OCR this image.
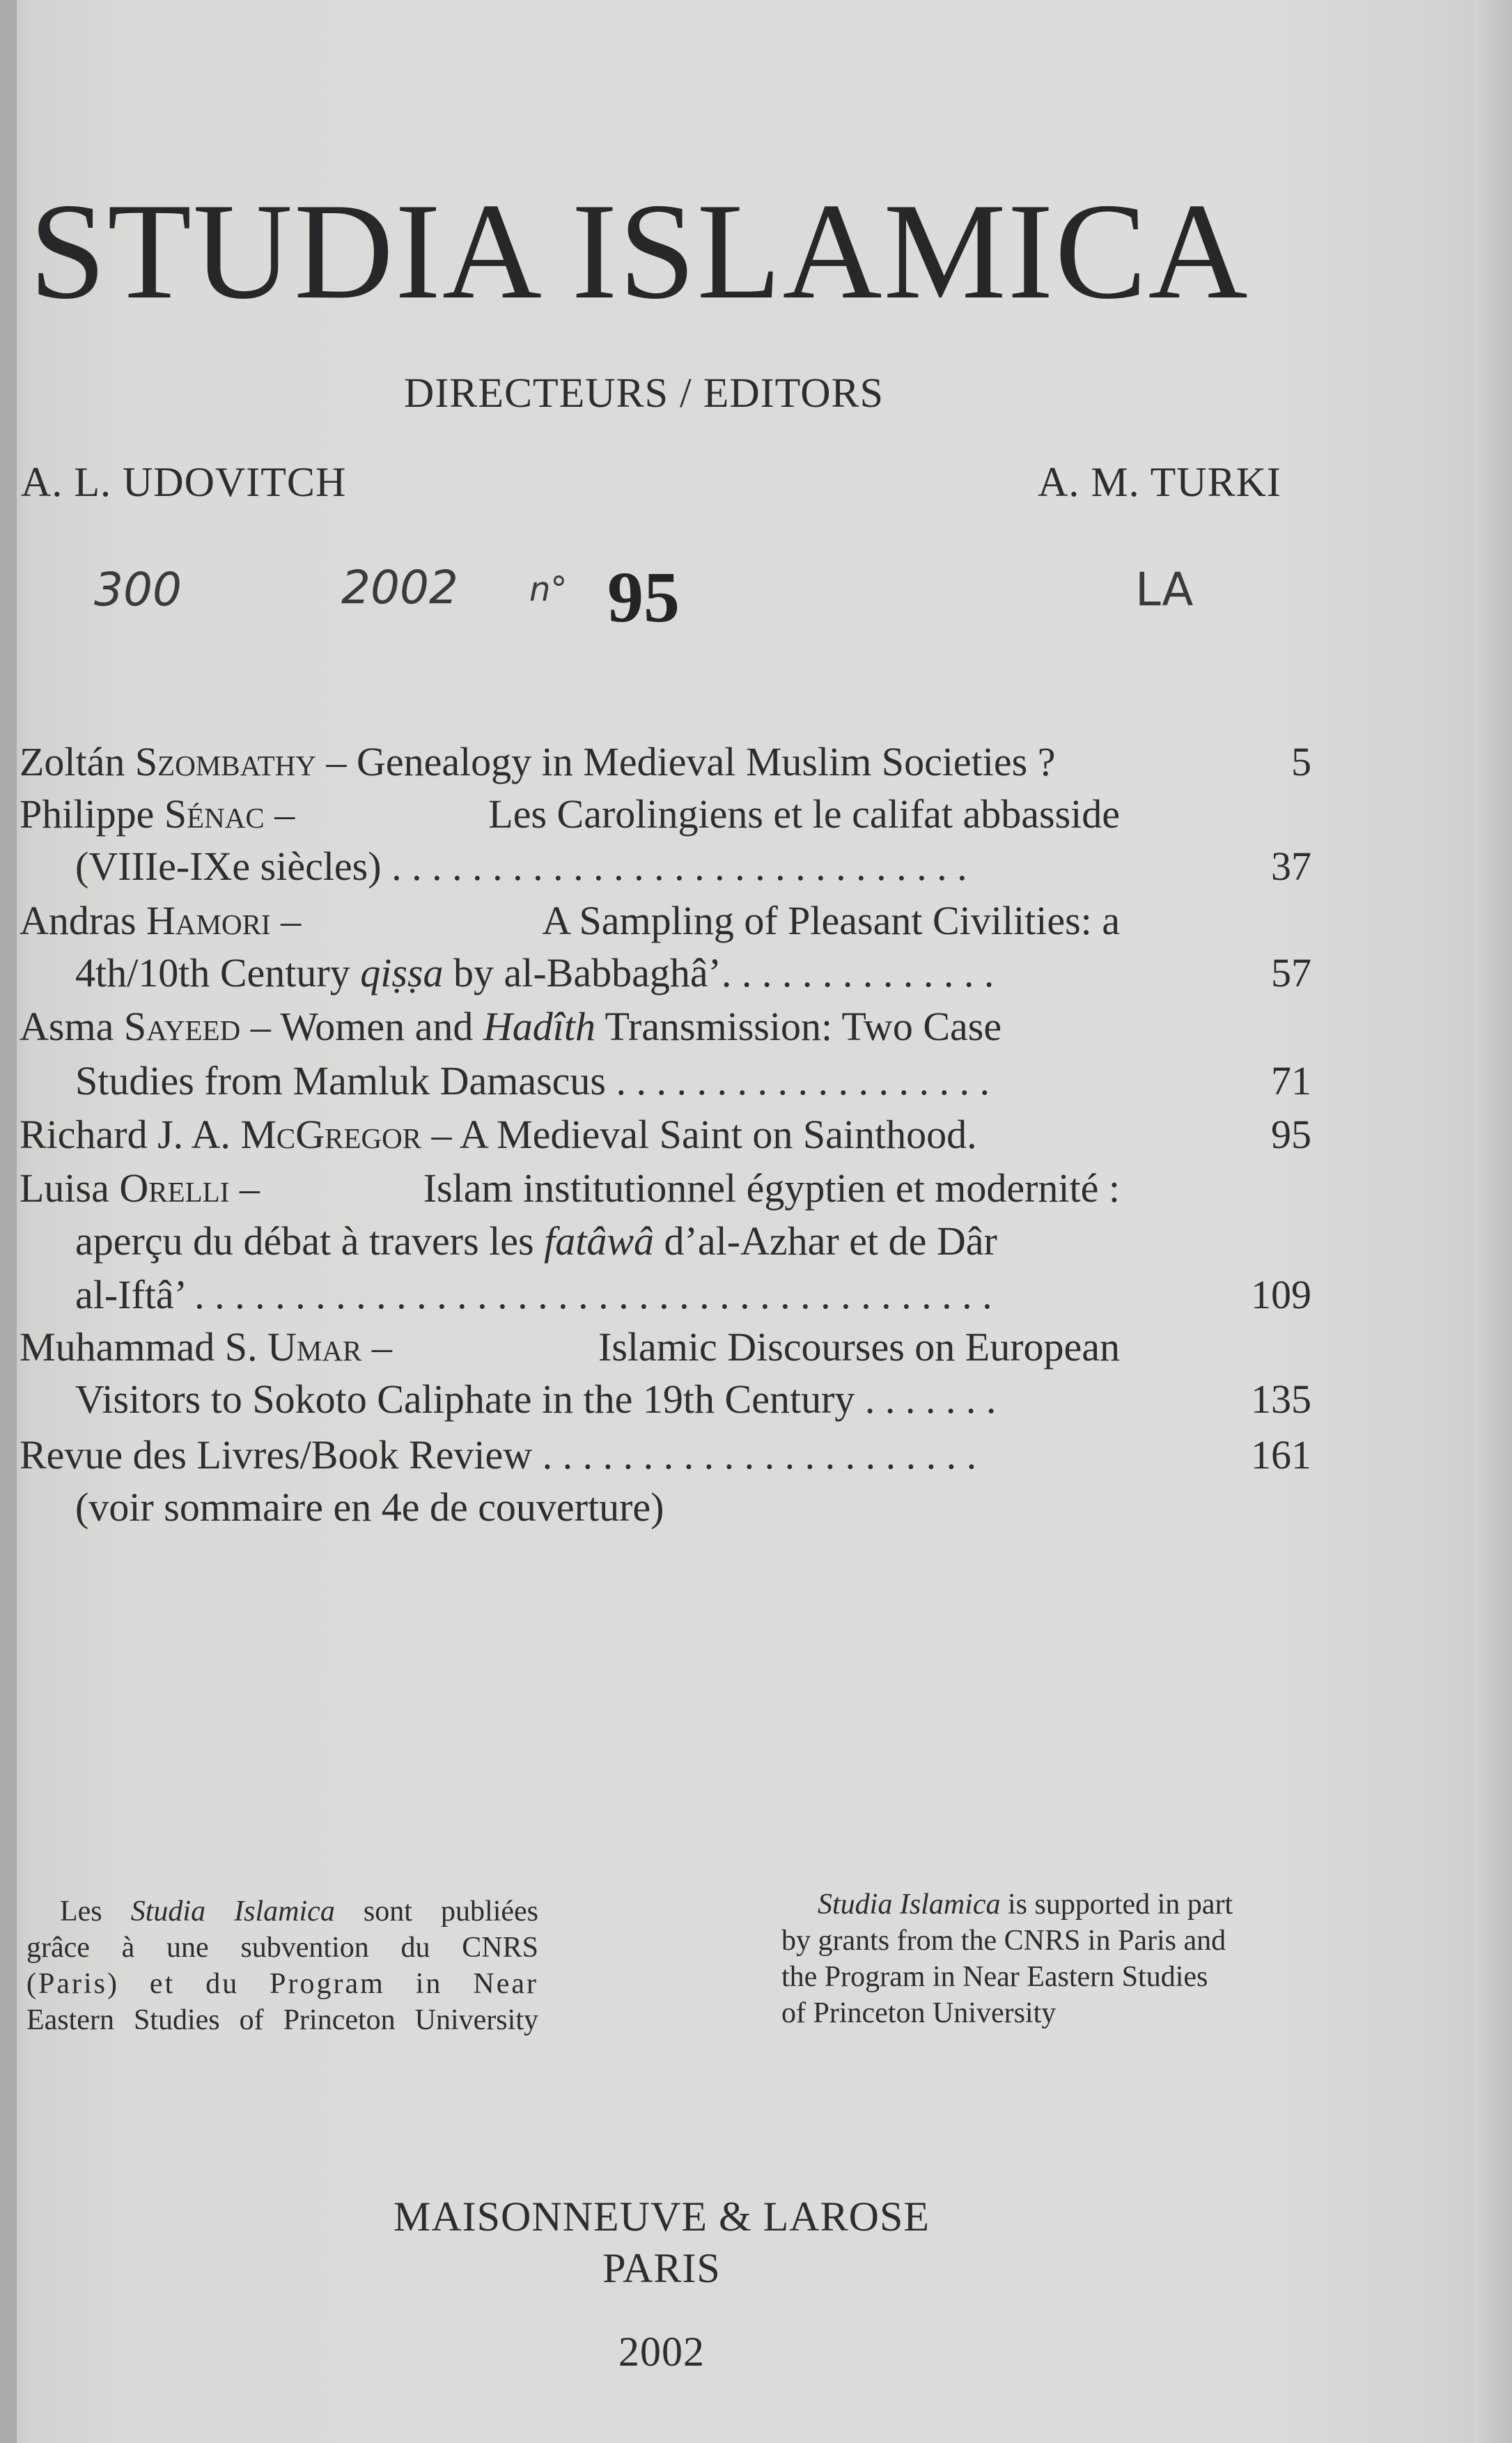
STUDIA ISLAMICA
DIRECTEURS / EDITORS
A. L. UDOVITCH	A. M. TURKI
300	2002 n°	LA
95
Zoltán Szombathy – Genealogy in Medieval Muslim Societies ?	5
Philippe Sénac –	Les Carolingiens et le califat abbasside
(VIIIe-IXe siècles) . . . . . . . . . . . . . . . . . . . . . . . . . . . . .	37
Andras Hamori –	A Sampling of Pleasant Civilities: a
4th/10th Century qiṣṣa by al-Babbaghâ’. . . . . . . . . . . . . .	57
Asma Sayeed – Women and Hadîth Transmission: Two Case
Studies from Mamluk Damascus . . . . . . . . . . . . . . . . . . .	71
Richard J. A. McGregor – A Medieval Saint on Sainthood.	95
Luisa Orelli –	Islam institutionnel égyptien et modernité :
aperçu du débat à travers les fatâwâ d’al-Azhar et de Dâr
al-Iftâ’ . . . . . . . . . . . . . . . . . . . . . . . . . . . . . . . . . . . . . . . .	109
Muhammad S. Umar –	Islamic Discourses on European
Visitors to Sokoto Caliphate in the 19th Century . . . . . . .	135
Revue des Livres/Book Review . . . . . . . . . . . . . . . . . . . . . .	161
(voir sommaire en 4e de couverture)
Les Studia Islamica sont publiées
grâce à une subvention du CNRS
(Paris) et du Program in Near
Eastern Studies of Princeton University
Studia Islamica is supported in part
by grants from the CNRS in Paris and
the Program in Near Eastern Studies
of Princeton University
MAISONNEUVE & LAROSE
PARIS
2002
